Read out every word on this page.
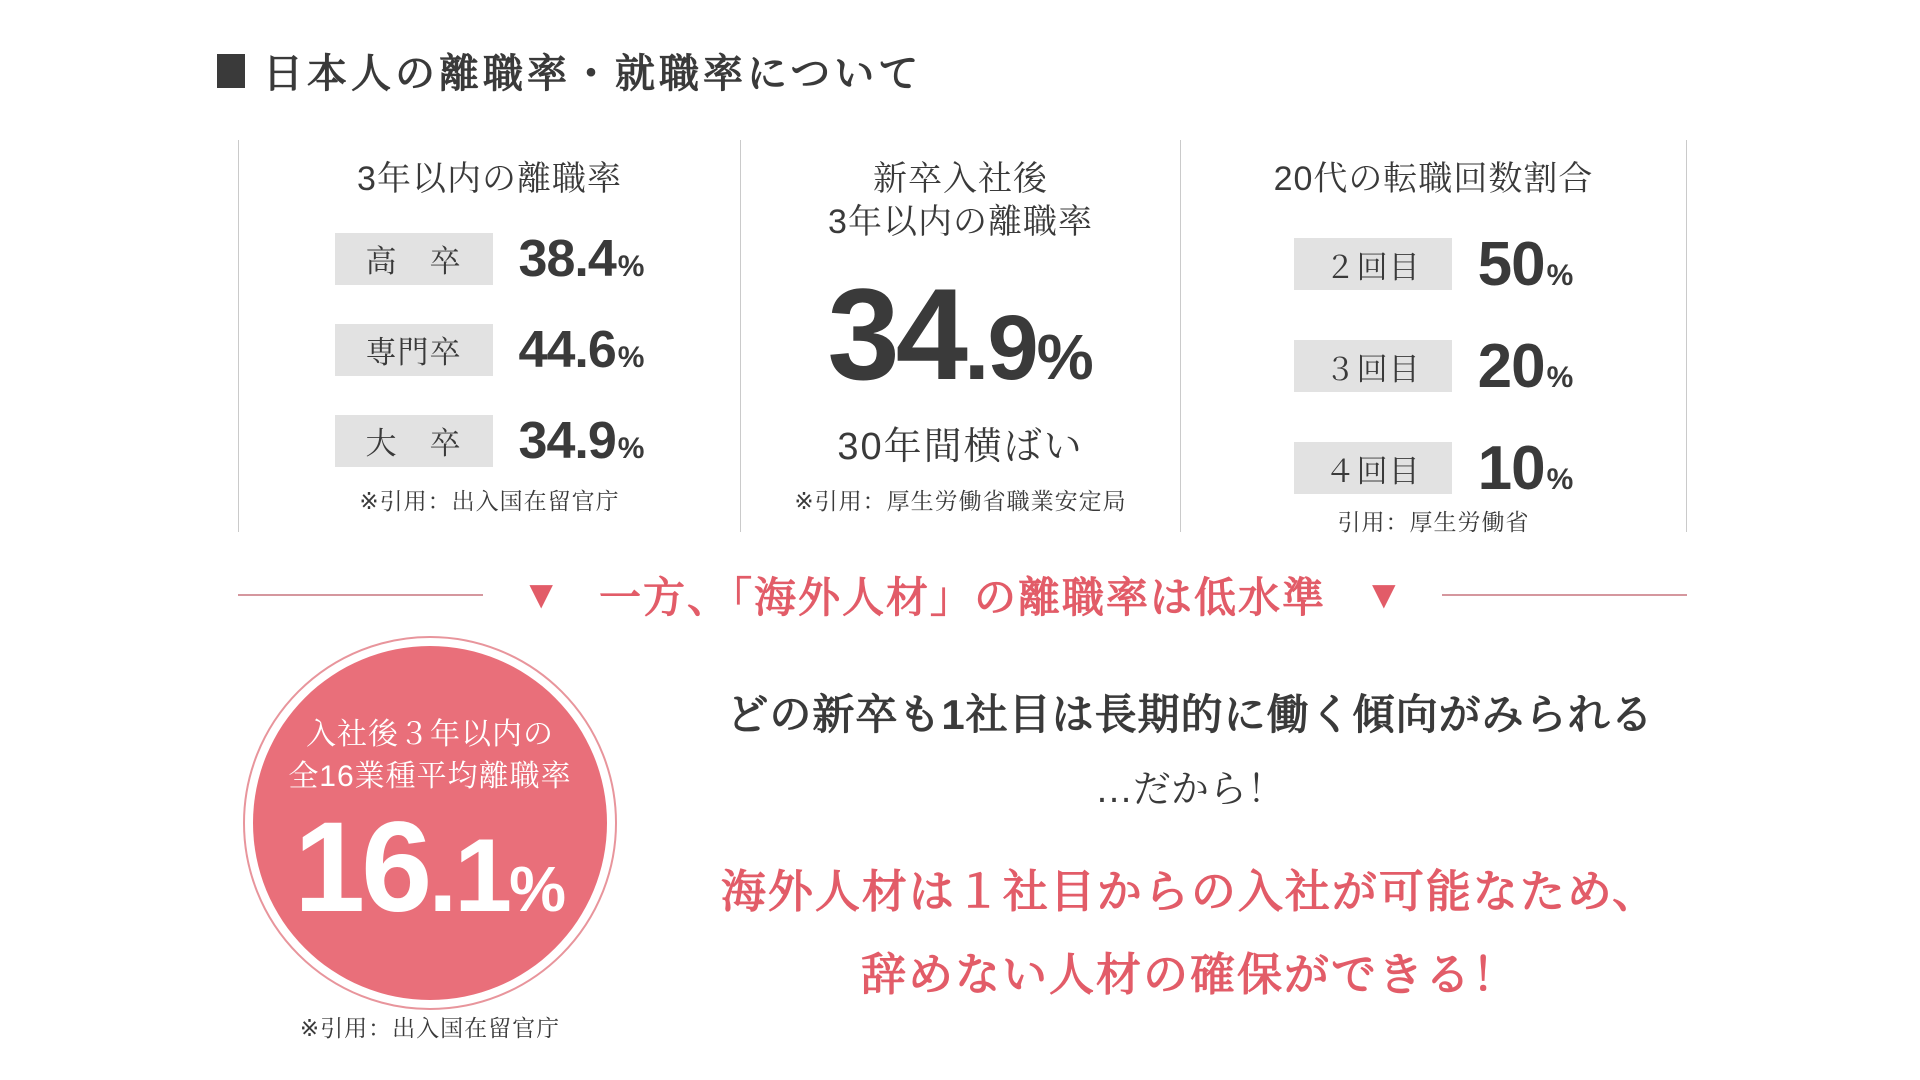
日本人の離職率・就職率について
3年以内の離職率
高　卒	38.4%
専門卒	44.6%
大　卒	34.9%
※引用：出入国在留官庁
新卒入社後
3年以内の離職率
34.9%
30年間横ばい
※引用：厚生労働省職業安定局
20代の転職回数割合
２回目 50%
３回目 20%
４回目 10%
引用：厚生労働省
▼ 一方、「海外人材」の離職率は低水準 ▼
入社後３年以内の
全16業種平均離職率
16.1%
※引用：出入国在留官庁
どの新卒も1社目は長期的に働く傾向がみられる
…だから！
海外人材は１社目からの入社が可能なため、
辞めない人材の確保ができる！
